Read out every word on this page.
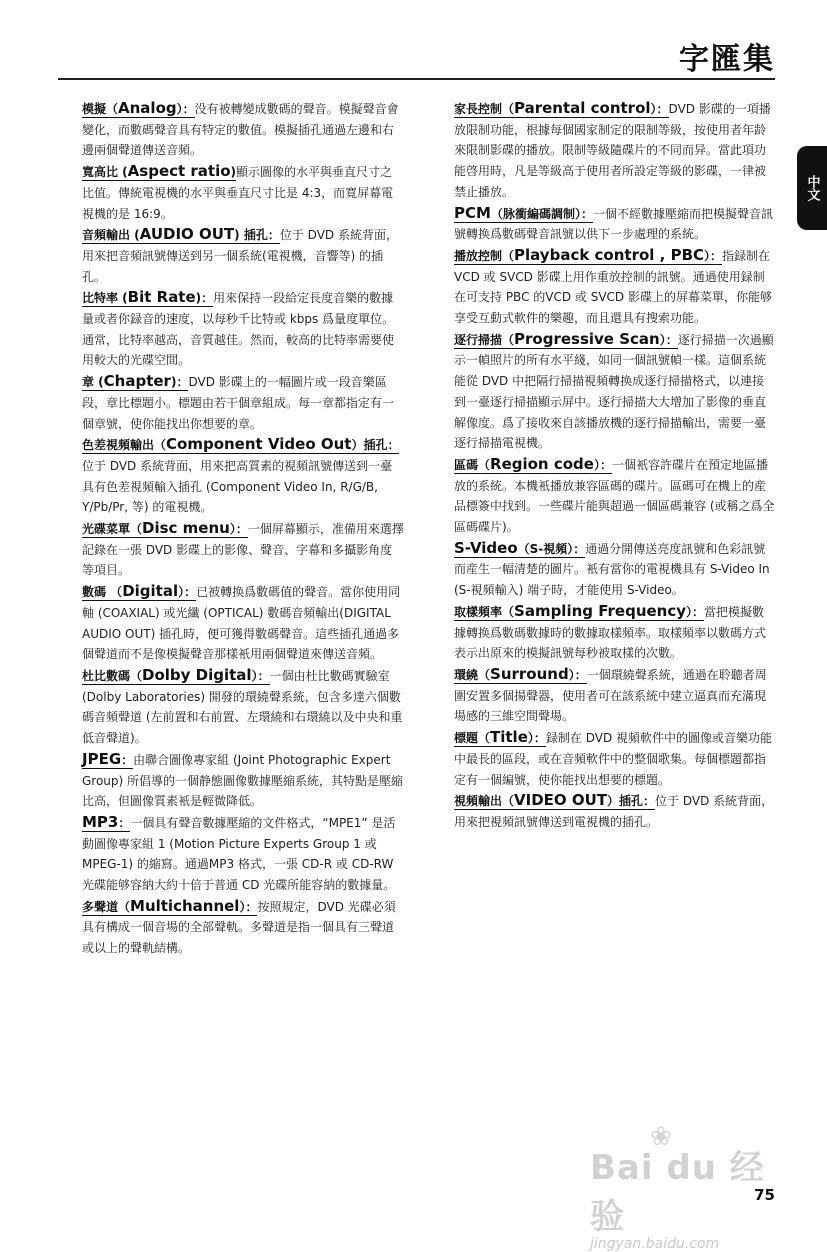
字匯集
中文

模擬（Analog）：没有被轉變成數碼的聲音。模擬聲音會變化，而數碼聲音具有特定的數值。模擬插孔通過左邊和右邊兩個聲道傳送音頻。

寬高比 (Aspect ratio)顯示圖像的水平與垂直尺寸之比值。傳統電視機的水平與垂直尺寸比是 4:3，而寬屏幕電視機的是 16:9。

音頻輸出 (AUDIO OUT) 插孔：位于 DVD 系統背面，用來把音頻訊號傳送到另一個系統(電視機，音響等) 的插孔。

比特率 (Bit Rate)：用來保持一段給定長度音樂的數據量或者你録音的速度，以每秒千比特或 kbps 爲量度單位。通常，比特率越高，音質越佳。然而，較高的比特率需要使用較大的光碟空間。

章 (Chapter)：DVD 影碟上的一幅圖片或一段音樂區段，章比標題小。標題由若干個章組成。每一章都指定有一個章號，使你能找出你想要的章。

色差視頻輸出（Component Video Out）插孔：位于 DVD 系統背面，用來把高質素的視頻訊號傳送到一臺具有色差視頻輸入插孔 (Component Video In, R/G/B, Y/Pb/Pr, 等) 的電視機。

光碟菜單（Disc menu）：一個屏幕顯示，准備用來選擇記錄在一張 DVD 影碟上的影像、聲音、字幕和多攝影角度等項目。

數碼 （Digital）：已被轉换爲數碼值的聲音。當你使用同軸 (COAXIAL) 或光纖 (OPTICAL) 數碼音頻輸出(DIGITAL AUDIO OUT) 插孔時，便可獲得數碼聲音。這些插孔通過多個聲道而不是像模擬聲音那樣衹用兩個聲道來傳送音頻。

杜比數碼（Dolby Digital）：一個由杜比數碼實驗室 (Dolby Laboratories) 開發的環繞聲系統，包含多達六個數碼音頻聲道 (左前置和右前置、左環繞和右環繞以及中央和重低音聲道)。

JPEG：由聯合圖像專家組 (Joint Photographic Expert Group) 所倡導的一個静態圖像數據壓縮系統，其特點是壓縮比高，但圖像質素衹是輕微降低。

MP3：一個具有聲音數據壓縮的文件格式，“MPE1” 是活動圖像專家組 1 (Motion Picture Experts Group 1 或 MPEG-1) 的縮寫。通過MP3 格式，一張 CD-R 或 CD-RW 光碟能够容納大約十倍于普通 CD 光碟所能容納的數據量。

多聲道（Multichannel）：按照規定，DVD 光碟必須具有構成一個音場的全部聲軌。多聲道是指一個具有三聲道或以上的聲軌結構。

家長控制（Parental control）：DVD 影碟的一項播放限制功能，根據每個國家制定的限制等級，按使用者年龄來限制影碟的播放。限制等級隨碟片的不同而异。當此項功能啓用時，凡是等級高于使用者所設定等級的影碟，一律被禁止播放。

PCM（脉衝編碼調制）：一個不經數據壓縮而把模擬聲音訊號轉换爲數碼聲音訊號以供下一步處理的系統。

播放控制（Playback control , PBC）：指録制在 VCD 或 SVCD 影碟上用作重放控制的訊號。通過使用録制在可支持 PBC 的VCD 或 SVCD 影碟上的屏幕菜單，你能够享受互動式軟件的樂趣，而且還具有搜索功能。

逐行掃描（Progressive Scan）：逐行掃描一次過顯示一幀照片的所有水平綫，如同一個訊號幀一樣。這個系統能從 DVD 中把隔行掃描視頻轉换成逐行掃描格式，以連接到一臺逐行掃描顯示屏中。逐行掃描大大增加了影像的垂直解像度。爲了接收來自該播放機的逐行掃描輸出，需要一臺逐行掃描電視機。

區碼（Region code）：一個衹容許碟片在預定地區播放的系統。本機衹播放兼容區碼的碟片。區碼可在機上的産品標簽中找到。一些碟片能與超過一個區碼兼容 (或稱之爲全區碼碟片)。

S-Video（S-視頻）：通過分開傳送亮度訊號和色彩訊號而産生一幅清楚的圖片。衹有當你的電視機具有 S-Video In (S-視頻輸入) 端子時，才能使用 S-Video。

取樣頻率（Sampling Frequency）：當把模擬數據轉换爲數碼數據時的數據取樣頻率。取樣頻率以數碼方式表示出原來的模擬訊號每秒被取樣的次數。

環繞（Surround）：一個環繞聲系統，通過在聆聽者周圍安置多個揚聲器，使用者可在該系統中建立逼真而充滿現場感的三維空間聲場。

標題（Title）：録制在 DVD 視頻軟件中的圖像或音樂功能中最長的區段，或在音頻軟件中的整個歌集。每個標題都指定有一個編號，使你能找出想要的標題。

視頻輸出（VIDEO OUT）插孔：位于 DVD 系統背面，用來把視頻訊號傳送到電視機的插孔。

❀
Bai du 经验
jingyan.baidu.com
75
